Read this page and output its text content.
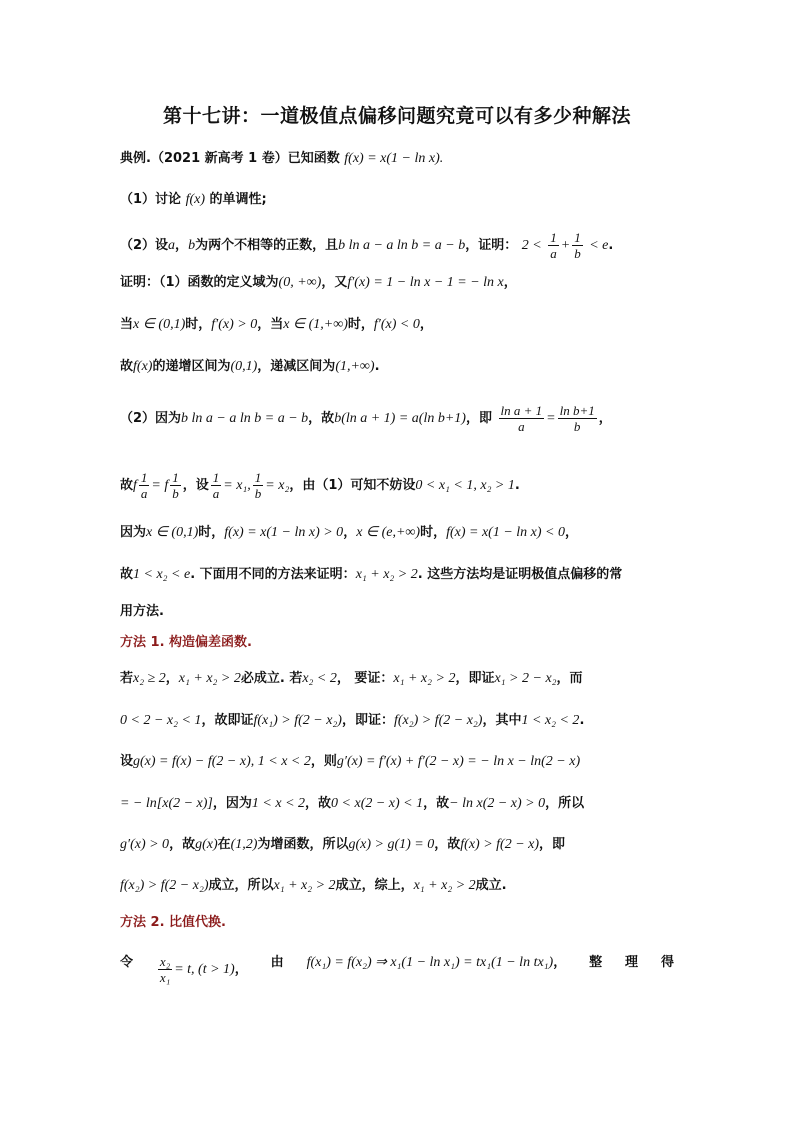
第十七讲：一道极值点偏移问题究竟可以有多少种解法
典例.（2021 新高考 1 卷）已知函数 f(x) = x(1 − ln x).
（1）讨论 f(x) 的单调性;
（2）设a，b为两个不相等的正数，且b ln a − a ln b = a − b，证明： $2 < \frac{1}{a} + \frac{1}{b} < e$.
证明：（1）函数的定义域为(0, +∞)，又f′(x) = 1 − ln x − 1 = − ln x，
当x ∈ (0,1)时，f′(x) > 0，当x ∈ (1,+∞)时，f′(x) < 0，
故f(x)的递增区间为(0,1)，递减区间为(1,+∞).
（2）因为b ln a − a ln b = a − b，故b(ln a + 1) = a(ln b+1)，即 $\frac{\text{ln a + 1}}{a} = \frac{\text{ln b+1}}{b}$ ，
故f $\frac{1}{a} = f \frac{1}{b}$ ，设 $\frac{1}{a} = x_1$, $\frac{1}{b} = x_2$，由（1）可知不妨设0 < x₁ < 1, x₂ > 1.
因为x ∈ (0,1)时，f(x) = x(1 − ln x) > 0，x ∈ (e,+∞)时，f(x) = x(1 − ln x) < 0，
故1 < x₂ < e. 下面用不同的方法来证明：x₁ + x₂ > 2. 这些方法均是证明极值点偏移的常
用方法.
方法 1. 构造偏差函数.
若x₂ ≥ 2，x₁ + x₂ > 2必成立. 若x₂ < 2， 要证：x₁ + x₂ > 2，即证x₁ > 2 − x₂，而
0 < 2 − x₂ < 1，故即证f(x₁) > f(2 − x₂)，即证：f(x₂) > f(2 − x₂)，其中1 < x₂ < 2.
设g(x) = f(x) − f(2 − x), 1 < x < 2，则g′(x) = f′(x) + f′(2 − x) = − ln x − ln(2 − x)
= − ln[x(2 − x)]，因为1 < x < 2，故0 < x(2 − x) < 1，故− ln x(2 − x) > 0，所以
g′(x) > 0，故g(x)在(1,2)为增函数，所以g(x) > g(1) = 0，故f(x) > f(2 − x)，即
f(x₂) > f(2 − x₂)成立，所以x₁ + x₂ > 2成立，综上，x₁ + x₂ > 2成立.
方法 2. 比值代换.
令 $\frac{\text{x₂}}{\text{x₁}} = t$, (t > 1)， 由 f(x₁) = f(x₂) ⇒ x₁(1 − ln x₁) = tx₁(1 − ln tx₁)， 整 理 得
